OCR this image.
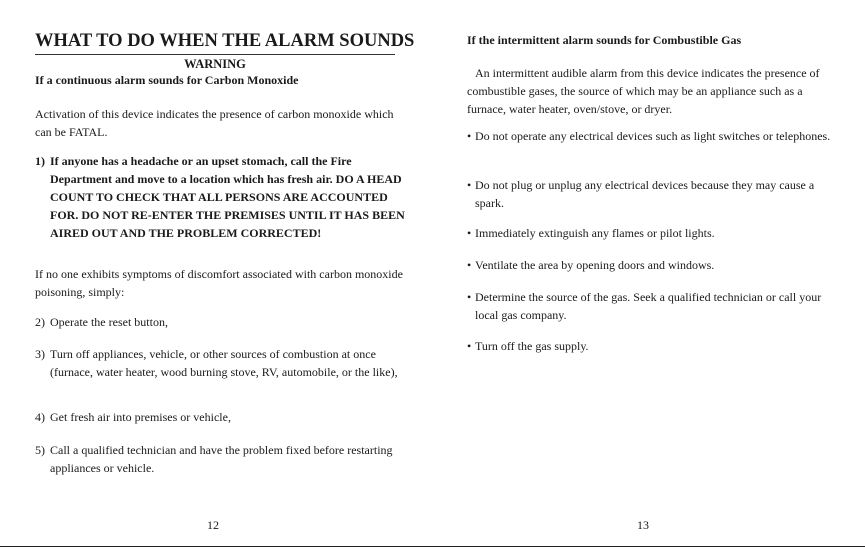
WHAT TO DO WHEN THE ALARM SOUNDS
WARNING
If a continuous alarm sounds for Carbon Monoxide

Activation of this device indicates the presence of carbon monoxide which can be FATAL.

1) If anyone has a headache or an upset stomach, call the Fire Department and move to a location which has fresh air. DO A HEAD COUNT TO CHECK THAT ALL PERSONS ARE ACCOUNTED FOR. DO NOT RE-ENTER THE PREMISES UNTIL IT HAS BEEN AIRED OUT AND THE PROBLEM CORRECTED!

If no one exhibits symptoms of discomfort associated with carbon monoxide poisoning, simply:

2) Operate the reset button,
3) Turn off appliances, vehicle, or other sources of combustion at once (furnace, water heater, wood burning stove, RV, automobile, or the like),
4) Get fresh air into premises or vehicle,
5) Call a qualified technician and have the problem fixed before restarting appliances or vehicle.
12
If the intermittent alarm sounds for Combustible Gas

An intermittent audible alarm from this device indicates the presence of combustible gases, the source of which may be an appliance such as a furnace, water heater, oven/stove, or dryer.

• Do not operate any electrical devices such as light switches or telephones.
• Do not plug or unplug any electrical devices because they may cause a spark.
• Immediately extinguish any flames or pilot lights.
• Ventilate the area by opening doors and windows.
• Determine the source of the gas. Seek a qualified technician or call your local gas company.
• Turn off the gas supply.
13
